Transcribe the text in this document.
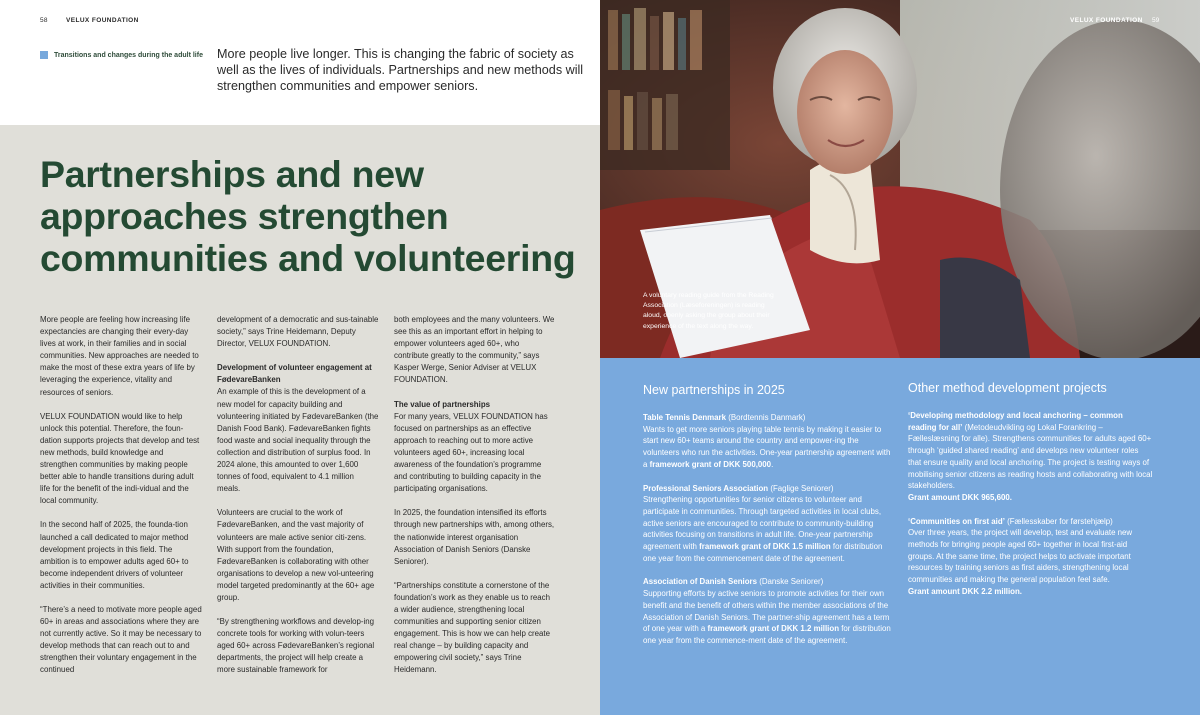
58	VELUX FOUNDATION
Transitions and changes during the adult life More people live longer. This is changing the fabric of society as well as the lives of individuals. Partnerships and new methods will strengthen communities and empower seniors.
Partnerships and new approaches strengthen communities and volunteering

More people are feeling how increasing life expectancies are changing their every-day lives at work, in their families and in social communities. New approaches are needed to make the most of these extra years of life by leveraging the experience, vitality and resources of seniors.

VELUX FOUNDATION would like to help unlock this potential. Therefore, the foun-dation supports projects that develop and test new methods, build knowledge and strengthen communities by making people better able to handle transitions during adult life for the benefit of the indi-vidual and the local community.

In the second half of 2025, the founda-tion launched a call dedicated to major method development projects in this field. The ambition is to empower adults aged 60+ to become independent drivers of volunteer activities in their communities.

“There’s a need to motivate more people aged 60+ in areas and associations where they are not currently active. So it may be necessary to develop methods that can reach out to and strengthen their voluntary engagement in the continued

development of a democratic and sus-tainable society,” says Trine Heidemann, Deputy Director, VELUX FOUNDATION.

Development of volunteer engagement at FødevareBanken

An example of this is the development of a new model for capacity building and volunteering initiated by FødevareBanken (the Danish Food Bank). FødevareBanken fights food waste and social inequality through the collection and distribution of surplus food. In 2024 alone, this amounted to over 1,600 tonnes of food, equivalent to 4.1 million meals.

Volunteers are crucial to the work of FødevareBanken, and the vast majority of volunteers are male active senior citi-zens. With support from the foundation, FødevareBanken is collaborating with other organisations to develop a new vol-unteering model targeted predominantly at the 60+ age group.

“By strengthening workflows and develop-ing concrete tools for working with volun-teers aged 60+ across FødevareBanken’s regional departments, the project will help create a more sustainable framework for

both employees and the many volunteers. We see this as an important effort in helping to empower volunteers aged 60+, who contribute greatly to the community,” says Kasper Werge, Senior Adviser at VELUX FOUNDATION.

The value of partnerships

For many years, VELUX FOUNDATION has focused on partnerships as an effective approach to reaching out to more active volunteers aged 60+, increasing local awareness of the foundation’s programme and contributing to building capacity in the participating organisations.

In 2025, the foundation intensified its efforts through new partnerships with, among others, the nationwide interest organisation Association of Danish Seniors (Danske Seniorer).

“Partnerships constitute a cornerstone of the foundation’s work as they enable us to reach a wider audience, strengthening local communities and supporting senior citizen engagement. This is how we can help create real change – by building capacity and empowering civil society,” says Trine Heidemann.

VELUX FOUNDATION 59
A voluntary reading guide from the Reading Association (Læseforeningen) is reading aloud, openly asking the group about their experience of the text along the way.
New partnerships in 2025

Table Tennis Denmark (Bordtennis Danmark)
Wants to get more seniors playing table tennis by making it easier to start new 60+ teams around the country and empower-ing the volunteers who run the activities. One-year partnership agreement with a framework grant of DKK 500,000.

Professional Seniors Association (Faglige Seniorer)
Strengthening opportunities for senior citizens to volunteer and participate in communities. Through targeted activities in local clubs, active seniors are encouraged to contribute to community-building activities focusing on transitions in adult life. One-year partnership agreement with framework grant of DKK 1.5 million for distribution one year from the commencement date of the agreement.

Association of Danish Seniors (Danske Seniorer)
Supporting efforts by active seniors to promote activities for their own benefit and the benefit of others within the member associations of the Association of Danish Seniors. The partner-ship agreement has a term of one year with a framework grant of DKK 1.2 million for distribution one year from the commence-ment date of the agreement.

Other method development projects

‘Developing methodology and local anchoring – common reading for all’ (Metodeudvikling og Lokal Forankring – Fælleslæsning for alle). Strengthens communities for adults aged 60+ through ‘guided shared reading’ and develops new volunteer roles that ensure quality and local anchoring. The project is testing ways of mobilising senior citizens as reading hosts and collaborating with local stakeholders.
Grant amount DKK 965,600.

‘Communities on first aid’ (Fællesskaber for førstehjælp)
Over three years, the project will develop, test and evaluate new methods for bringing people aged 60+ together in local first-aid groups. At the same time, the project helps to activate important resources by training seniors as first aiders, strengthening local communities and making the general population feel safe.
Grant amount DKK 2.2 million.
